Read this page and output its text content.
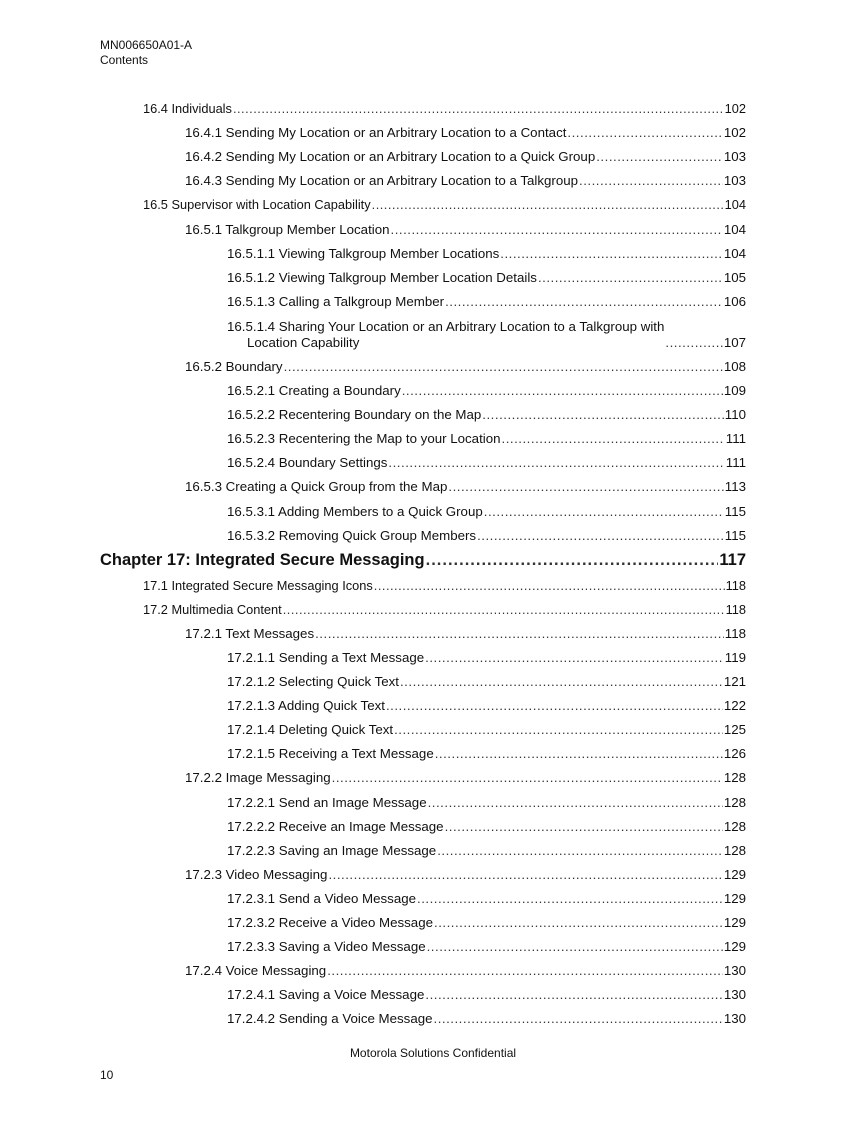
MN006650A01-A
Contents
16.4 Individuals .....	102
16.4.1 Sending My Location or an Arbitrary Location to a Contact .....	102
16.4.2 Sending My Location or an Arbitrary Location to a Quick Group .....	103
16.4.3 Sending My Location or an Arbitrary Location to a Talkgroup .....	103
16.5 Supervisor with Location Capability .....	104
16.5.1 Talkgroup Member Location .....	104
16.5.1.1 Viewing Talkgroup Member Locations .....	104
16.5.1.2 Viewing Talkgroup Member Location Details .....	105
16.5.1.3 Calling a Talkgroup Member .....	106
16.5.1.4 Sharing Your Location or an Arbitrary Location to a Talkgroup with
Location Capability .....	107
16.5.2 Boundary .....	108
16.5.2.1 Creating a Boundary .....	109
16.5.2.2 Recentering Boundary on the Map .....	110
16.5.2.3 Recentering the Map to your Location .....	111
16.5.2.4 Boundary Settings .....	111
16.5.3 Creating a Quick Group from the Map .....	113
16.5.3.1 Adding Members to a Quick Group .....	115
16.5.3.2 Removing Quick Group Members .....	115
Chapter 17: Integrated Secure Messaging .....	117
17.1 Integrated Secure Messaging Icons .....	118
17.2 Multimedia Content .....	118
17.2.1 Text Messages .....	118
17.2.1.1 Sending a Text Message .....	119
17.2.1.2 Selecting Quick Text .....	121
17.2.1.3 Adding Quick Text .....	122
17.2.1.4 Deleting Quick Text .....	125
17.2.1.5 Receiving a Text Message .....	126
17.2.2 Image Messaging .....	128
17.2.2.1 Send an Image Message .....	128
17.2.2.2 Receive an Image Message .....	128
17.2.2.3 Saving an Image Message .....	128
17.2.3 Video Messaging .....	129
17.2.3.1 Send a Video Message .....	129
17.2.3.2 Receive a Video Message .....	129
17.2.3.3 Saving a Video Message .....	129
17.2.4 Voice Messaging .....	130
17.2.4.1 Saving a Voice Message .....	130
17.2.4.2 Sending a Voice Message .....	130
Motorola Solutions Confidential
10
